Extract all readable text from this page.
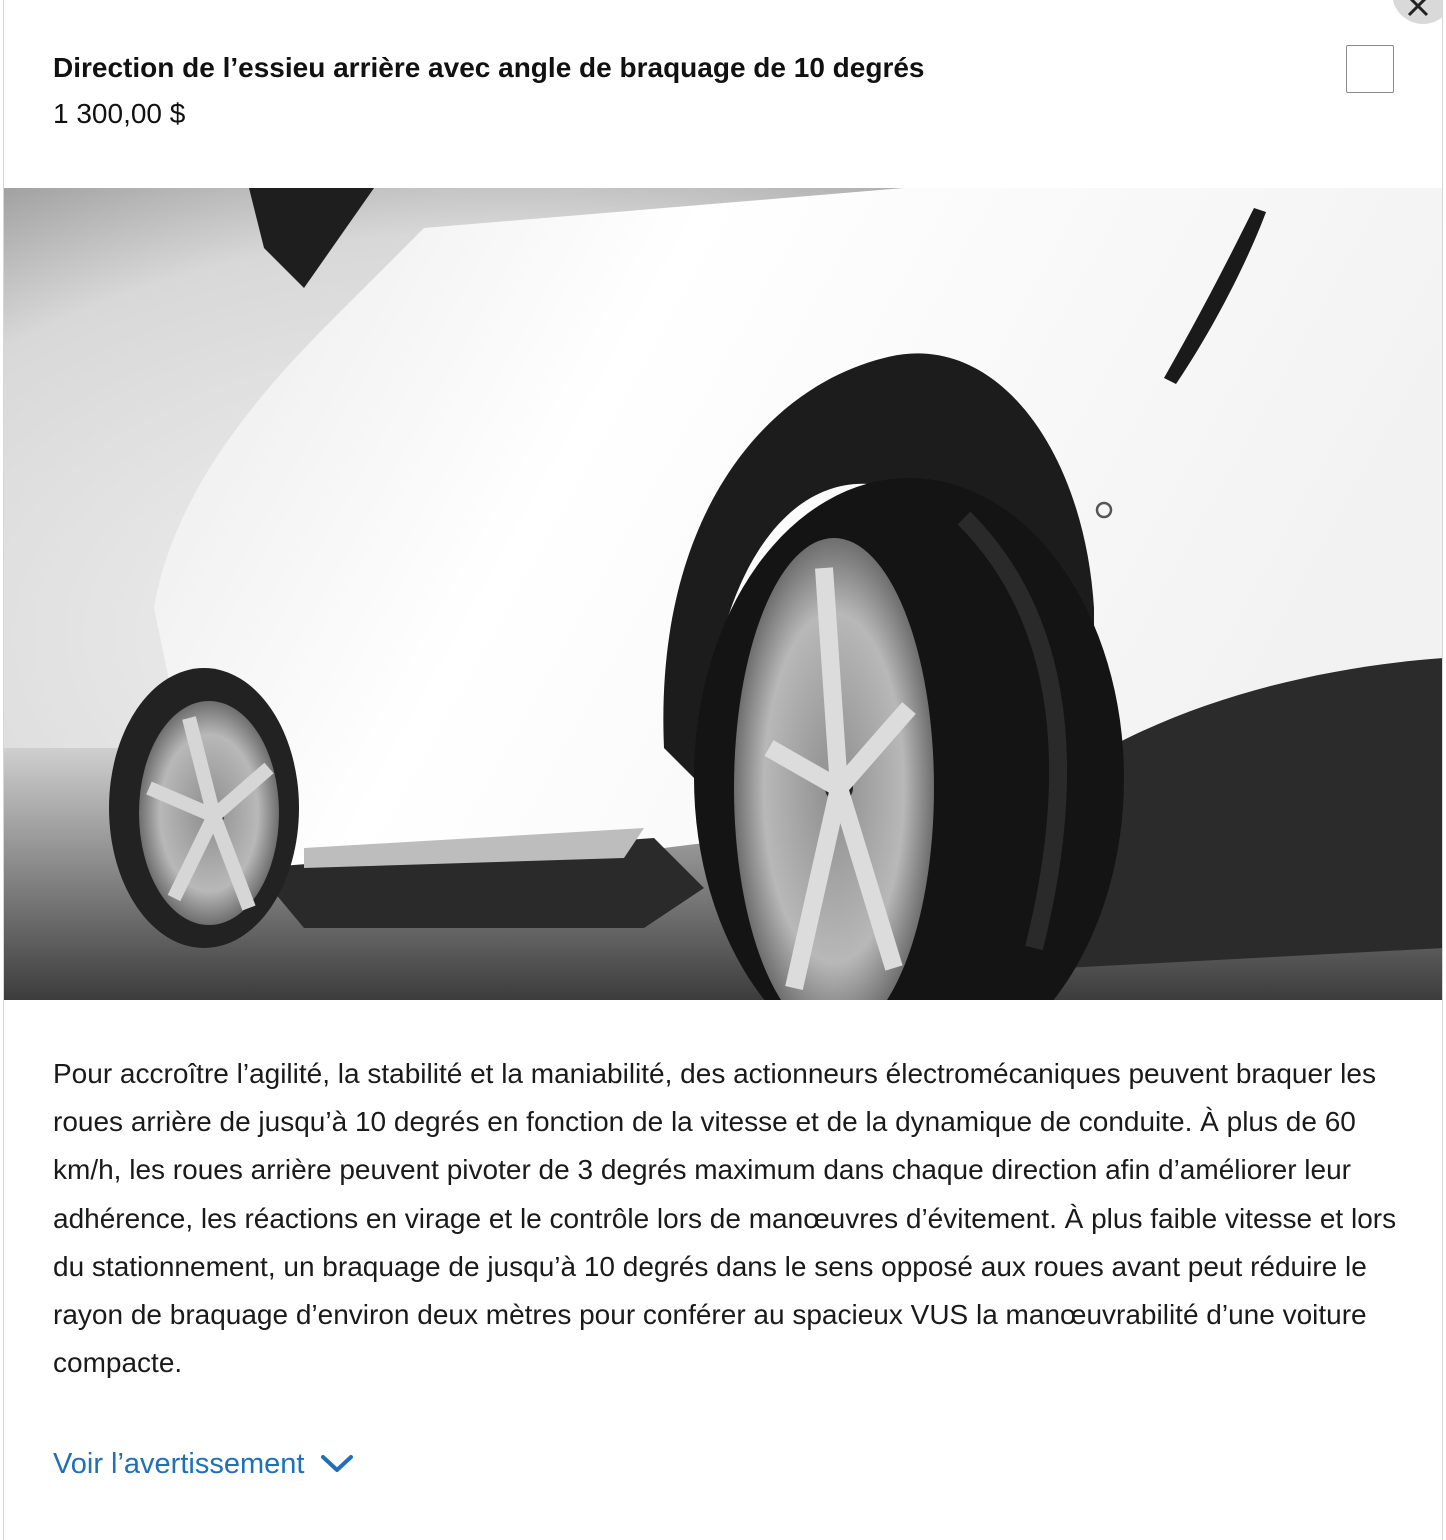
Direction de l’essieu arrière avec angle de braquage de 10 degrés
1 300,00 $

Pour accroître l’agilité, la stabilité et la maniabilité, des actionneurs électromécaniques peuvent braquer les roues arrière de jusqu’à 10 degrés en fonction de la vitesse et de la dynamique de conduite. À plus de 60 km/h, les roues arrière peuvent pivoter de 3 degrés maximum dans chaque direction afin d’améliorer leur adhérence, les réactions en virage et le contrôle lors de manœuvres d’évitement. À plus faible vitesse et lors du stationnement, un braquage de jusqu’à 10 degrés dans le sens opposé aux roues avant peut réduire le rayon de braquage d’environ deux mètres pour conférer au spacieux VUS la manœuvrabilité d’une voiture compacte.

Voir l’avertissement
